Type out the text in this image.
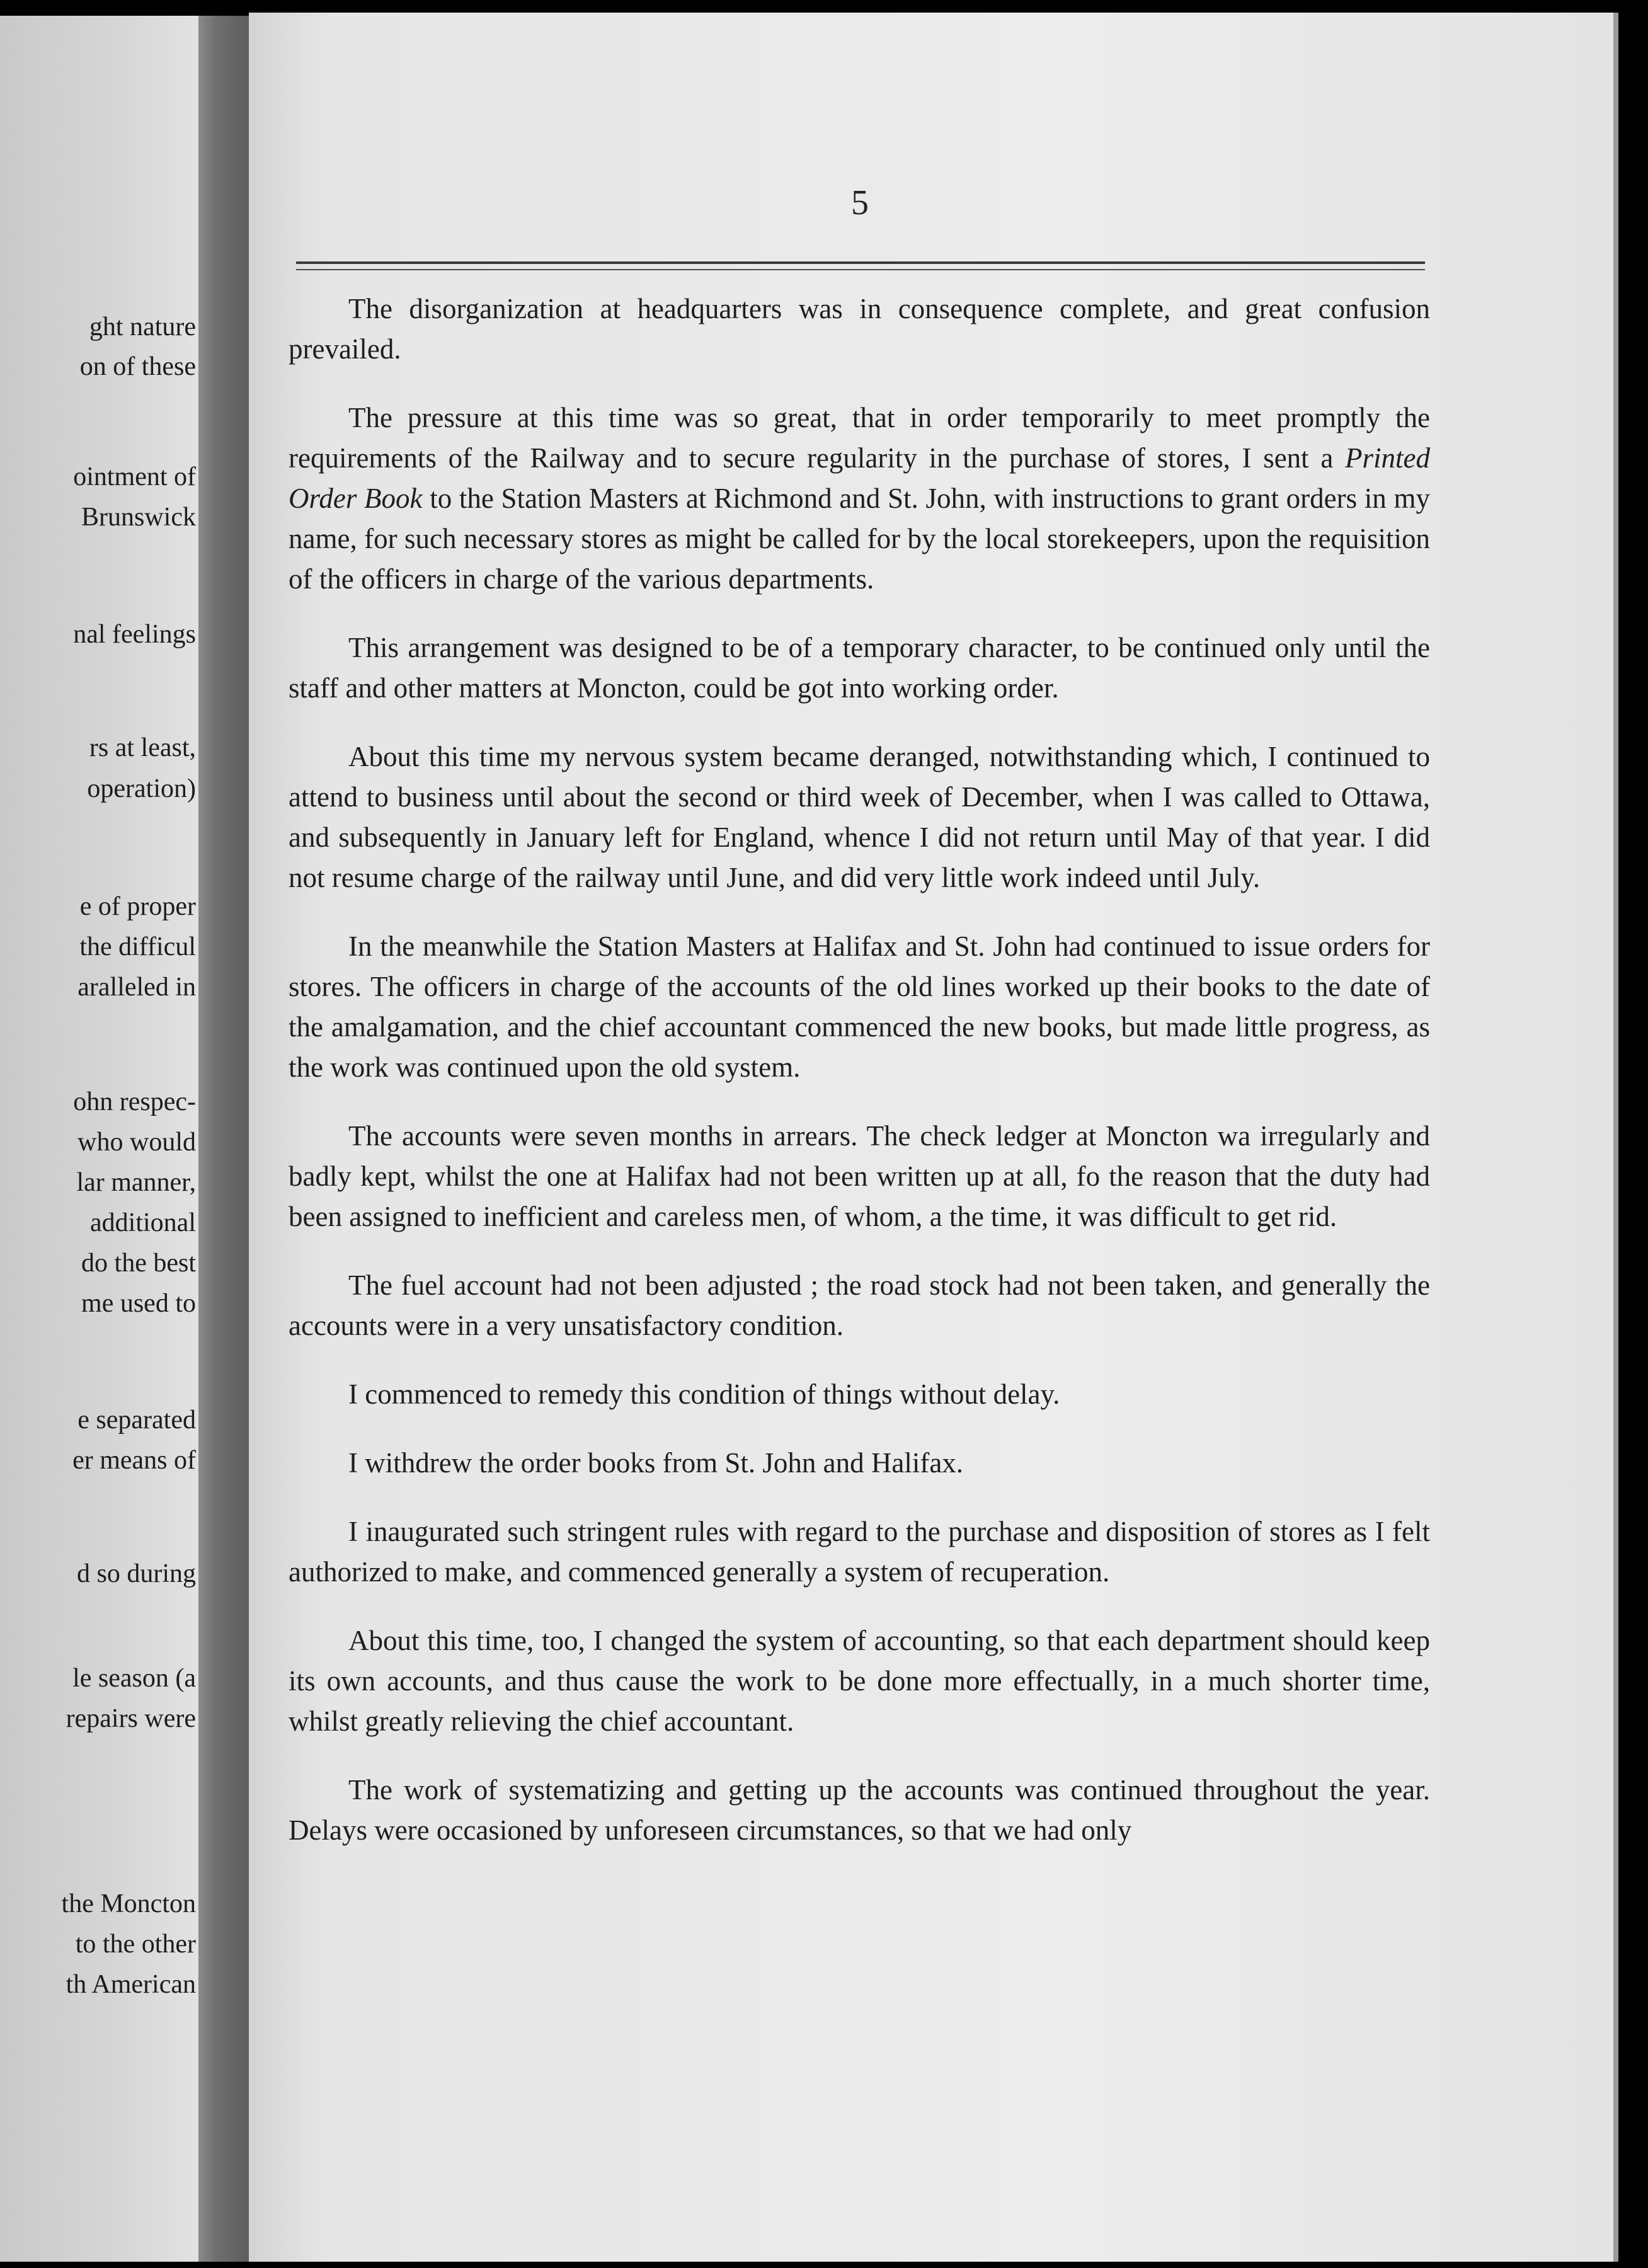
ght nature

on of these

ointment of

Brunswick

nal feelings

rs at least,

operation)

e of proper

the difficul

aralleled in

ohn respec-

who would

lar manner,

additional

do the best

me used to

e separated

er means of

d so during

le season (a

repairs were

the Moncton

to the other

th American

5

The disorganization at headquarters was in consequence complete, and great confusion prevailed.

The pressure at this time was so great, that in order temporarily to meet promptly the requirements of the Railway and to secure regularity in the purchase of stores, I sent a Printed Order Book to the Station Masters at Richmond and St. John, with instructions to grant orders in my name, for such necessary stores as might be called for by the local storekeepers, upon the requisition of the officers in charge of the various departments.

This arrangement was designed to be of a temporary character, to be continued only until the staff and other matters at Moncton, could be got into working order.

About this time my nervous system became deranged, notwithstanding which, I continued to attend to business until about the second or third week of December, when I was called to Ottawa, and subsequently in January left for England, whence I did not return until May of that year. I did not resume charge of the railway until June, and did very little work indeed until July.

In the meanwhile the Station Masters at Halifax and St. John had continued to issue orders for stores. The officers in charge of the accounts of the old lines worked up their books to the date of the amalgamation, and the chief accountant commenced the new books, but made little progress, as the work was continued upon the old system.

The accounts were seven months in arrears. The check ledger at Moncton wa irregularly and badly kept, whilst the one at Halifax had not been written up at all, fo the reason that the duty had been assigned to inefficient and careless men, of whom, a the time, it was difficult to get rid.

The fuel account had not been adjusted ; the road stock had not been taken, and generally the accounts were in a very unsatisfactory condition.

I commenced to remedy this condition of things without delay.

I withdrew the order books from St. John and Halifax.

I inaugurated such stringent rules with regard to the purchase and disposition of stores as I felt authorized to make, and commenced generally a system of recuperation.

About this time, too, I changed the system of accounting, so that each department should keep its own accounts, and thus cause the work to be done more effectually, in a much shorter time, whilst greatly relieving the chief accountant.

The work of systematizing and getting up the accounts was continued throughout the year. Delays were occasioned by unforeseen circumstances, so that we had only
